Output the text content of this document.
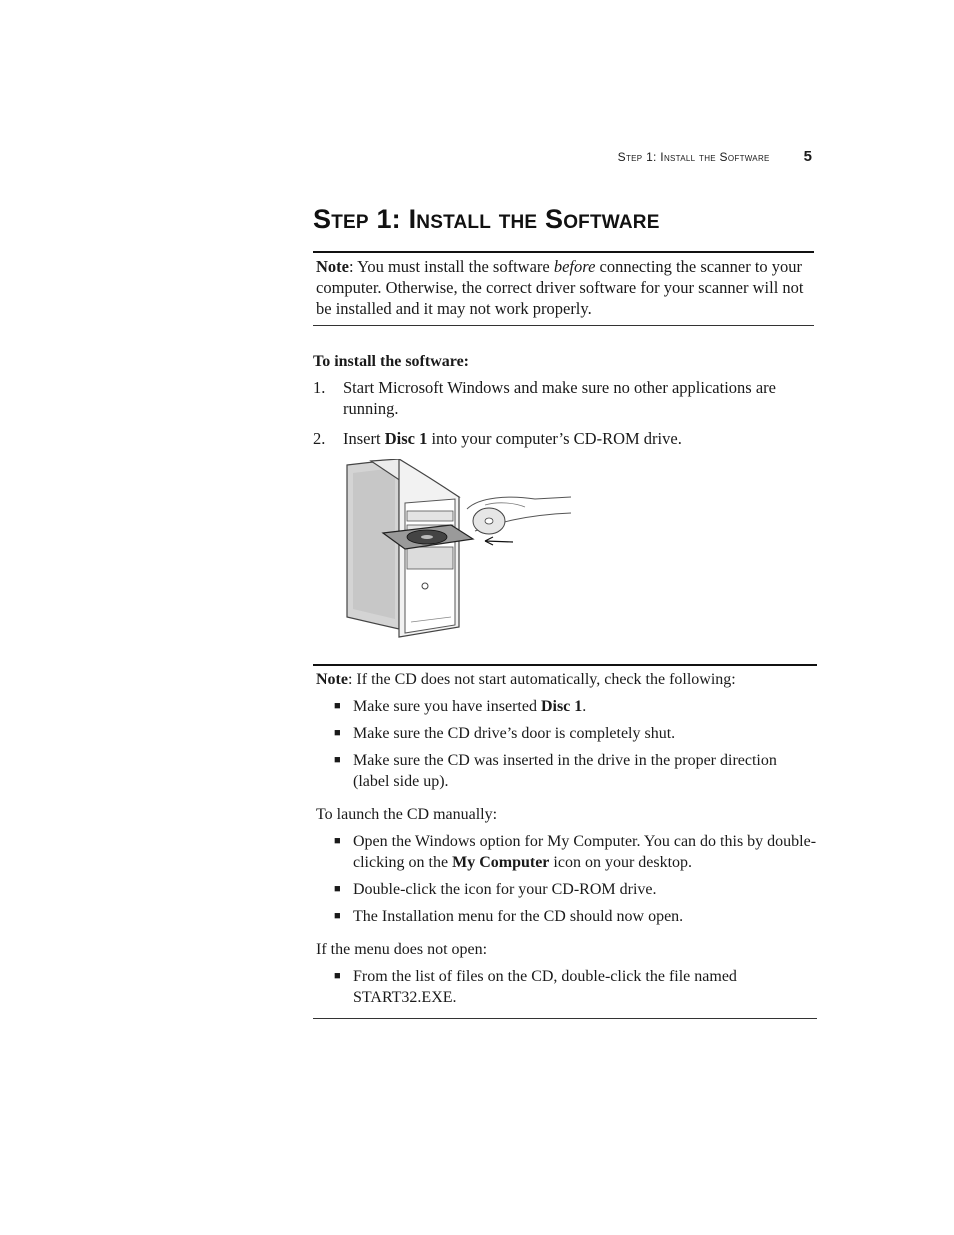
Step 1: Install the Software 5
Step 1: Install the Software
Note: You must install the software before connecting the scanner to your computer. Otherwise, the correct driver software for your scanner will not be installed and it may not work properly.
To install the software:
1.	Start Microsoft Windows and make sure no other applications are running.
2.	Insert Disc 1 into your computer’s CD-ROM drive.
Note: If the CD does not start automatically, check the following:
■ Make sure you have inserted Disc 1.
■ Make sure the CD drive’s door is completely shut.
■ Make sure the CD was inserted in the drive in the proper direction (label side up).
To launch the CD manually:
■ Open the Windows option for My Computer. You can do this by double-clicking on the My Computer icon on your desktop.
■ Double-click the icon for your CD-ROM drive.
■ The Installation menu for the CD should now open.
If the menu does not open:
■ From the list of files on the CD, double-click the file named START32.EXE.
